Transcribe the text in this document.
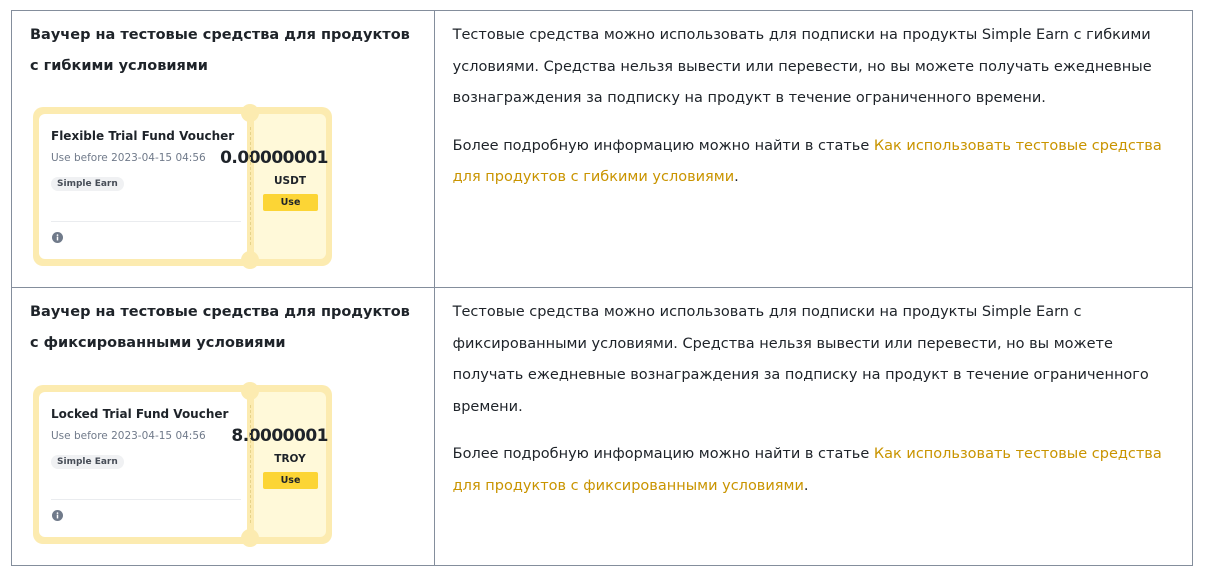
Ваучер на тестовые средства для продуктов с гибкими условиями

Flexible Trial Fund Voucher
Use before 2023-04-15 04:56
Simple Earn
0.00000001
USDT
Use

Тестовые средства можно использовать для подписки на продукты Simple Earn с гибкими условиями. Средства нельзя вывести или перевести, но вы можете получать ежедневные вознаграждения за подписку на продукт в течение ограниченного времени.

Более подробную информацию можно найти в статье Как использовать тестовые средства для продуктов с гибкими условиями.

Ваучер на тестовые средства для продуктов с фиксированными условиями

Locked Trial Fund Voucher
Use before 2023-04-15 04:56
Simple Earn
8.0000001
TROY
Use

Тестовые средства можно использовать для подписки на продукты Simple Earn с фиксированными условиями. Средства нельзя вывести или перевести, но вы можете получать ежедневные вознаграждения за подписку на продукт в течение ограниченного времени.

Более подробную информацию можно найти в статье Как использовать тестовые средства для продуктов с фиксированными условиями.
